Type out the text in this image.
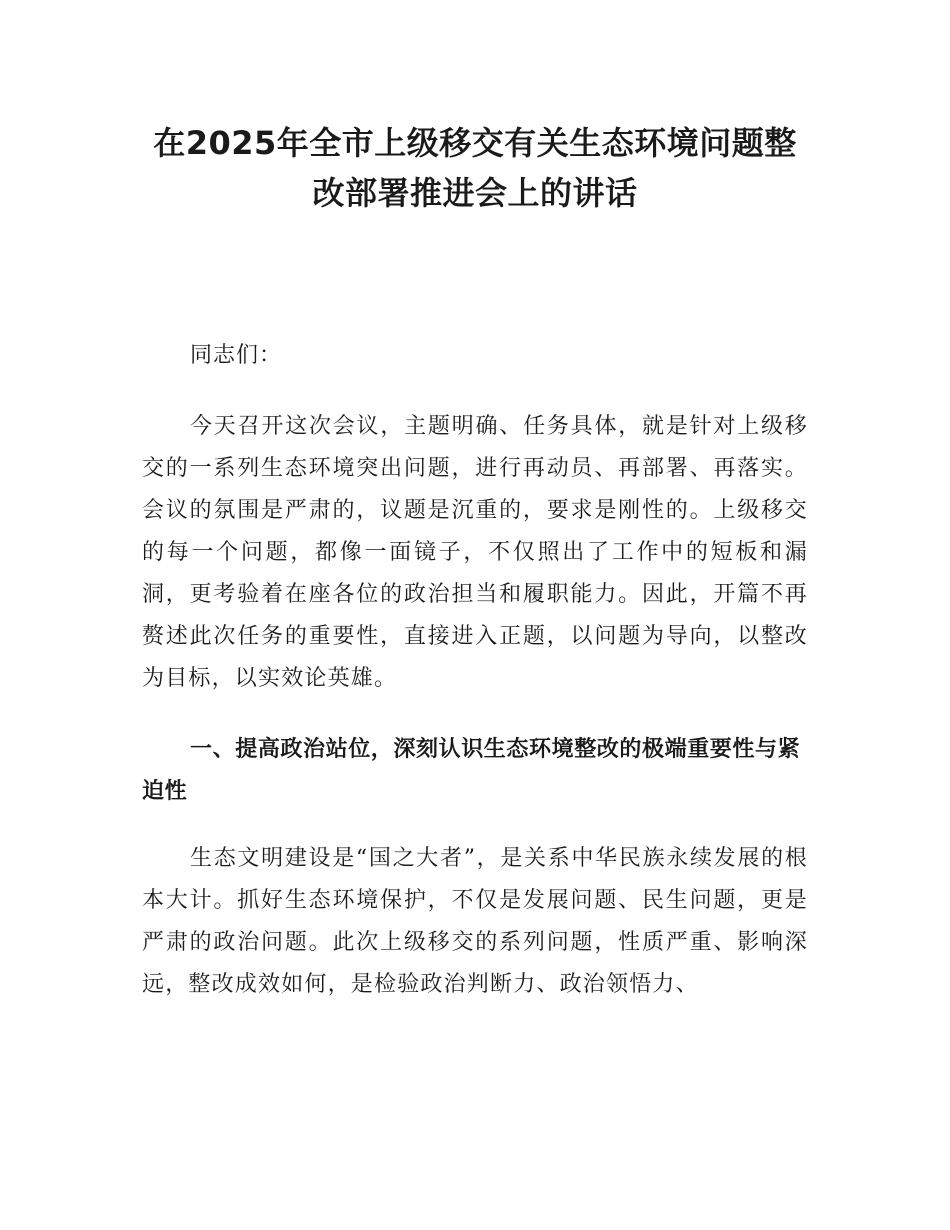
在2025年全市上级移交有关生态环境问题整
改部署推进会上的讲话

同志们：

今天召开这次会议，主题明确、任务具体，就是针对上级移交的一系列生态环境突出问题，进行再动员、再部署、再落实。会议的氛围是严肃的，议题是沉重的，要求是刚性的。上级移交的每一个问题，都像一面镜子，不仅照出了工作中的短板和漏洞，更考验着在座各位的政治担当和履职能力。因此，开篇不再赘述此次任务的重要性，直接进入正题，以问题为导向，以整改为目标，以实效论英雄。

一、提高政治站位，深刻认识生态环境整改的极端重要性与紧迫性

生态文明建设是“国之大者”，是关系中华民族永续发展的根本大计。抓好生态环境保护，不仅是发展问题、民生问题，更是严肃的政治问题。此次上级移交的系列问题，性质严重、影响深远，整改成效如何，是检验政治判断力、政治领悟力、
